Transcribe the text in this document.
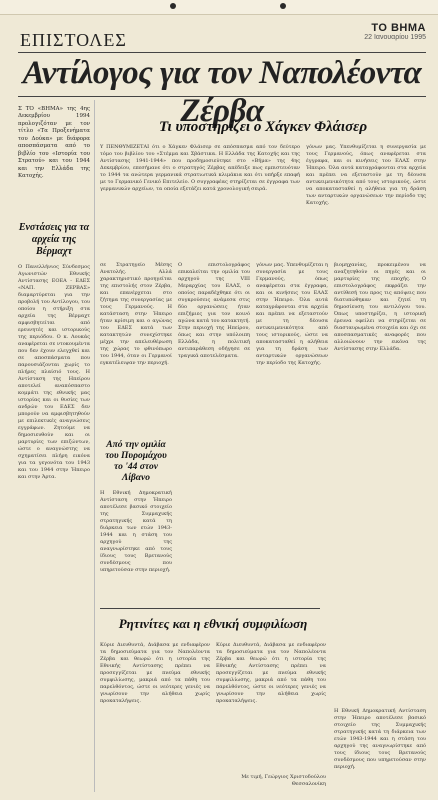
ΤΟ ΒΗΜΑ
22 Ιανουαρίου 1995
ΕΠΙΣΤΟΛΕΣ
Αντίλογος για τον Ναπολέοντα Ζέρβα

Σ ΤΟ «ΒΗΜΑ» της 4ης Δεκεμβρίου 1994 προλογιζόταν με τον τίτλο «Τα Προξενήματα του Δούκα» με διάφορα αποσπάσματα από το βιβλίο του «Ιστορία του Στρατού» και του 1944 και την Ελλάδα της Κατοχής.

Ενστάσεις για τα αρχεία της Βέρμαχτ

Ο Πανελλήνιος Σύνδεσμος Αγωνιστών Εθνικής Αντίστασης ΕΟΕΑ - ΕΔΕΣ «ΝΑΠ. ΖΕΡΒΑΣ» διαμαρτύρεται για την προβολή του Αντίλογου, του οποίου η στήριξη στα αρχεία της Βέρμαχτ αμφισβητείται από ερευνητές και ιστορικούς της περιόδου. Ο κ. Λουκάς αναφέρεται σε ντοκουμέντα που δεν έχουν ελεγχθεί και σε αποσπάσματα που παρουσιάζονται χωρίς το πλήρες πλαίσιό τους. Η Αντίσταση της Ηπείρου αποτελεί αναπόσπαστο κομμάτι της εθνικής μας ιστορίας και οι θυσίες των ανδρών του ΕΔΕΣ δεν μπορούν να αμφισβητηθούν με επιλεκτικές αναγνώσεις εγγράφων. Ζητούμε να δημοσιευθούν και οι μαρτυρίες των επιζώντων, ώστε ο αναγνώστης να σχηματίσει πλήρη εικόνα για τα γεγονότα του 1943 και του 1944 στην Ήπειρο και στην Άρτα.

Τι υποστηρίζει ο Χάγκεν Φλάισερ

Υ ΠΕΝΘΥΜΙΖΕΤΑΙ ότι ο Χάγκεν Φλάισερ σε απόσπασμα από τον δεύτερο τόμο του βιβλίου του «Στέμμα και Σβάστικα. Η Ελλάδα της Κατοχής και της Αντίστασης 1941-1944» που προδημοσιεύτηκε στο «Βήμα» της 4ης Δεκεμβρίου, επεσήμανε ότι ο στρατηγός Ζέρβας απέδειξε πως εμπιστευόταν το 1944 τα ανώτερα γερμανικά στρατιωτικά κλιμάκια και ότι υπήρξε επαφή με το Γερμανικό Γενικό Επιτελείο. Ο συγγραφέας στηρίζεται σε έγγραφα των γερμανικών αρχείων, τα οποία εξετάζει κατά χρονολογική σειρά.

γόνων μας. Υπενθυμίζεται η συνεργασία με τους Γερμανούς, όπως αναφέρεται στα έγγραφα, και οι κινήσεις του ΕΛΑΣ στην Ήπειρο. Όλα αυτά καταγράφονται στα αρχεία και πρέπει να εξεταστούν με τη δέουσα αντικειμενικότητα από τους ιστορικούς, ώστε να αποκατασταθεί η αλήθεια για τη δράση των ανταρτικών οργανώσεων την περίοδο της Κατοχής.

σε Στρατηγείο Μέσης Ανατολής. Αλλά χαρακτηριστικό προηγείται της επιστολής στον Ζέρβα, και επανέρχεται στο ζήτημα της συνεργασίας με τους Γερμανούς. Η κατάσταση στην Ήπειρο ήταν κρίσιμη και ο αγώνας του ΕΔΕΣ κατά των κατακτητών συνεχίστηκε μέχρι την απελευθέρωση της χώρας το φθινόπωρο του 1944, όταν οι Γερμανοί εγκατέλειψαν την περιοχή.

Από την ομιλία του Πυρομάχου το '44 στον Λίβανο

Η Εθνική Δημοκρατική Αντίσταση στην Ήπειρο αποτέλεσε βασικό στοιχείο της Συμμαχικής στρατηγικής κατά τη διάρκεια των ετών 1943-1944 και η στάση του αρχηγού της αναγνωρίστηκε από τους ίδιους τους Βρετανούς συνδέσμους που υπηρετούσαν στην περιοχή.

Ο επιστολογράφος επικαλείται την ομιλία του αρχηγού της VIII Μεραρχίας του ΕΛΑΣ, ο οποίος παραδέχθηκε ότι οι συγκρούσεις ανάμεσα στις δύο οργανώσεις ήταν επιζήμιες για τον κοινό αγώνα κατά του κατακτητή. Στην περιοχή της Ηπείρου, όπως και στην υπόλοιπη Ελλάδα, η πολιτική αντιπαράθεση οδήγησε σε τραγικά αποτελέσματα.

γόνων μας. Υπενθυμίζεται η συνεργασία με τους Γερμανούς, όπως αναφέρεται στα έγγραφα, και οι κινήσεις του ΕΛΑΣ στην Ήπειρο. Όλα αυτά καταγράφονται στα αρχεία και πρέπει να εξεταστούν με τη δέουσα αντικειμενικότητα από τους ιστορικούς, ώστε να αποκατασταθεί η αλήθεια για τη δράση των ανταρτικών οργανώσεων την περίοδο της Κατοχής.

βιομηχανίας, προκειμένου να αναζητηθούν οι πηγές και οι μαρτυρίες της εποχής. Ο επιστολογράφος εκφράζει την αντίθεσή του προς τις απόψεις που διατυπώθηκαν και ζητεί τη δημοσίευση του αντιλόγου του. Όπως υποστηρίζει, η ιστορική έρευνα οφείλει να στηρίζεται σε διασταυρωμένα στοιχεία και όχι σε αποσπασματικές αναφορές που αλλοιώνουν την εικόνα της Αντίστασης στην Ελλάδα.

Ρητινίτες και η εθνική συμφιλίωση

Κύριε Διευθυντά, Διάβασα με ενδιαφέρον τα δημοσιεύματα για τον Ναπολέοντα Ζέρβα και θεωρώ ότι η ιστορία της Εθνικής Αντίστασης πρέπει να προσεγγίζεται με πνεύμα εθνικής συμφιλίωσης, μακριά από τα πάθη του παρελθόντος, ώστε οι νεότερες γενιές να γνωρίσουν την αλήθεια χωρίς προκαταλήψεις.

Κύριε Διευθυντά, Διάβασα με ενδιαφέρον τα δημοσιεύματα για τον Ναπολέοντα Ζέρβα και θεωρώ ότι η ιστορία της Εθνικής Αντίστασης πρέπει να προσεγγίζεται με πνεύμα εθνικής συμφιλίωσης, μακριά από τα πάθη του παρελθόντος, ώστε οι νεότερες γενιές να γνωρίσουν την αλήθεια χωρίς προκαταλήψεις.

Με τιμή, Γεώργιος Χριστοδούλου Θεσσαλονίκη

Η Εθνική Δημοκρατική Αντίσταση στην Ήπειρο αποτέλεσε βασικό στοιχείο της Συμμαχικής στρατηγικής κατά τη διάρκεια των ετών 1943-1944 και η στάση του αρχηγού της αναγνωρίστηκε από τους ίδιους τους Βρετανούς συνδέσμους που υπηρετούσαν στην περιοχή.
